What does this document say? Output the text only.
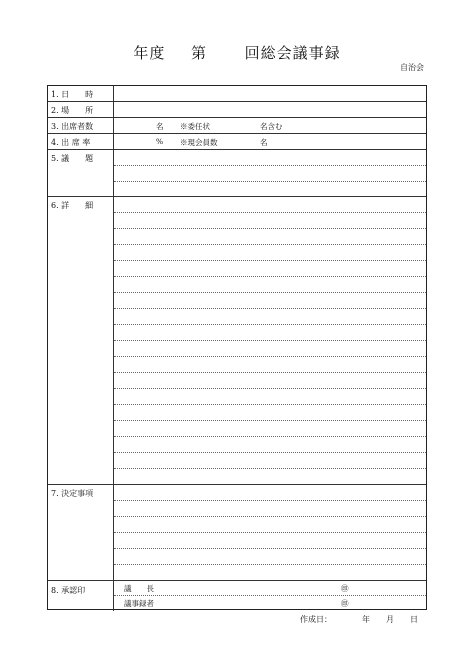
年度 第	回総会議事録
自治会
1. 日　　時
2. 場　　所
3. 出席者数	名 ※委任状	名含む
4. 出 席 率	% ※現会員数	名
5. 議　　題
6. 詳　　細
7. 決定事項
8. 承認印	議　　長	㊞
議事録者	㊞
作成日：	年 月 日
